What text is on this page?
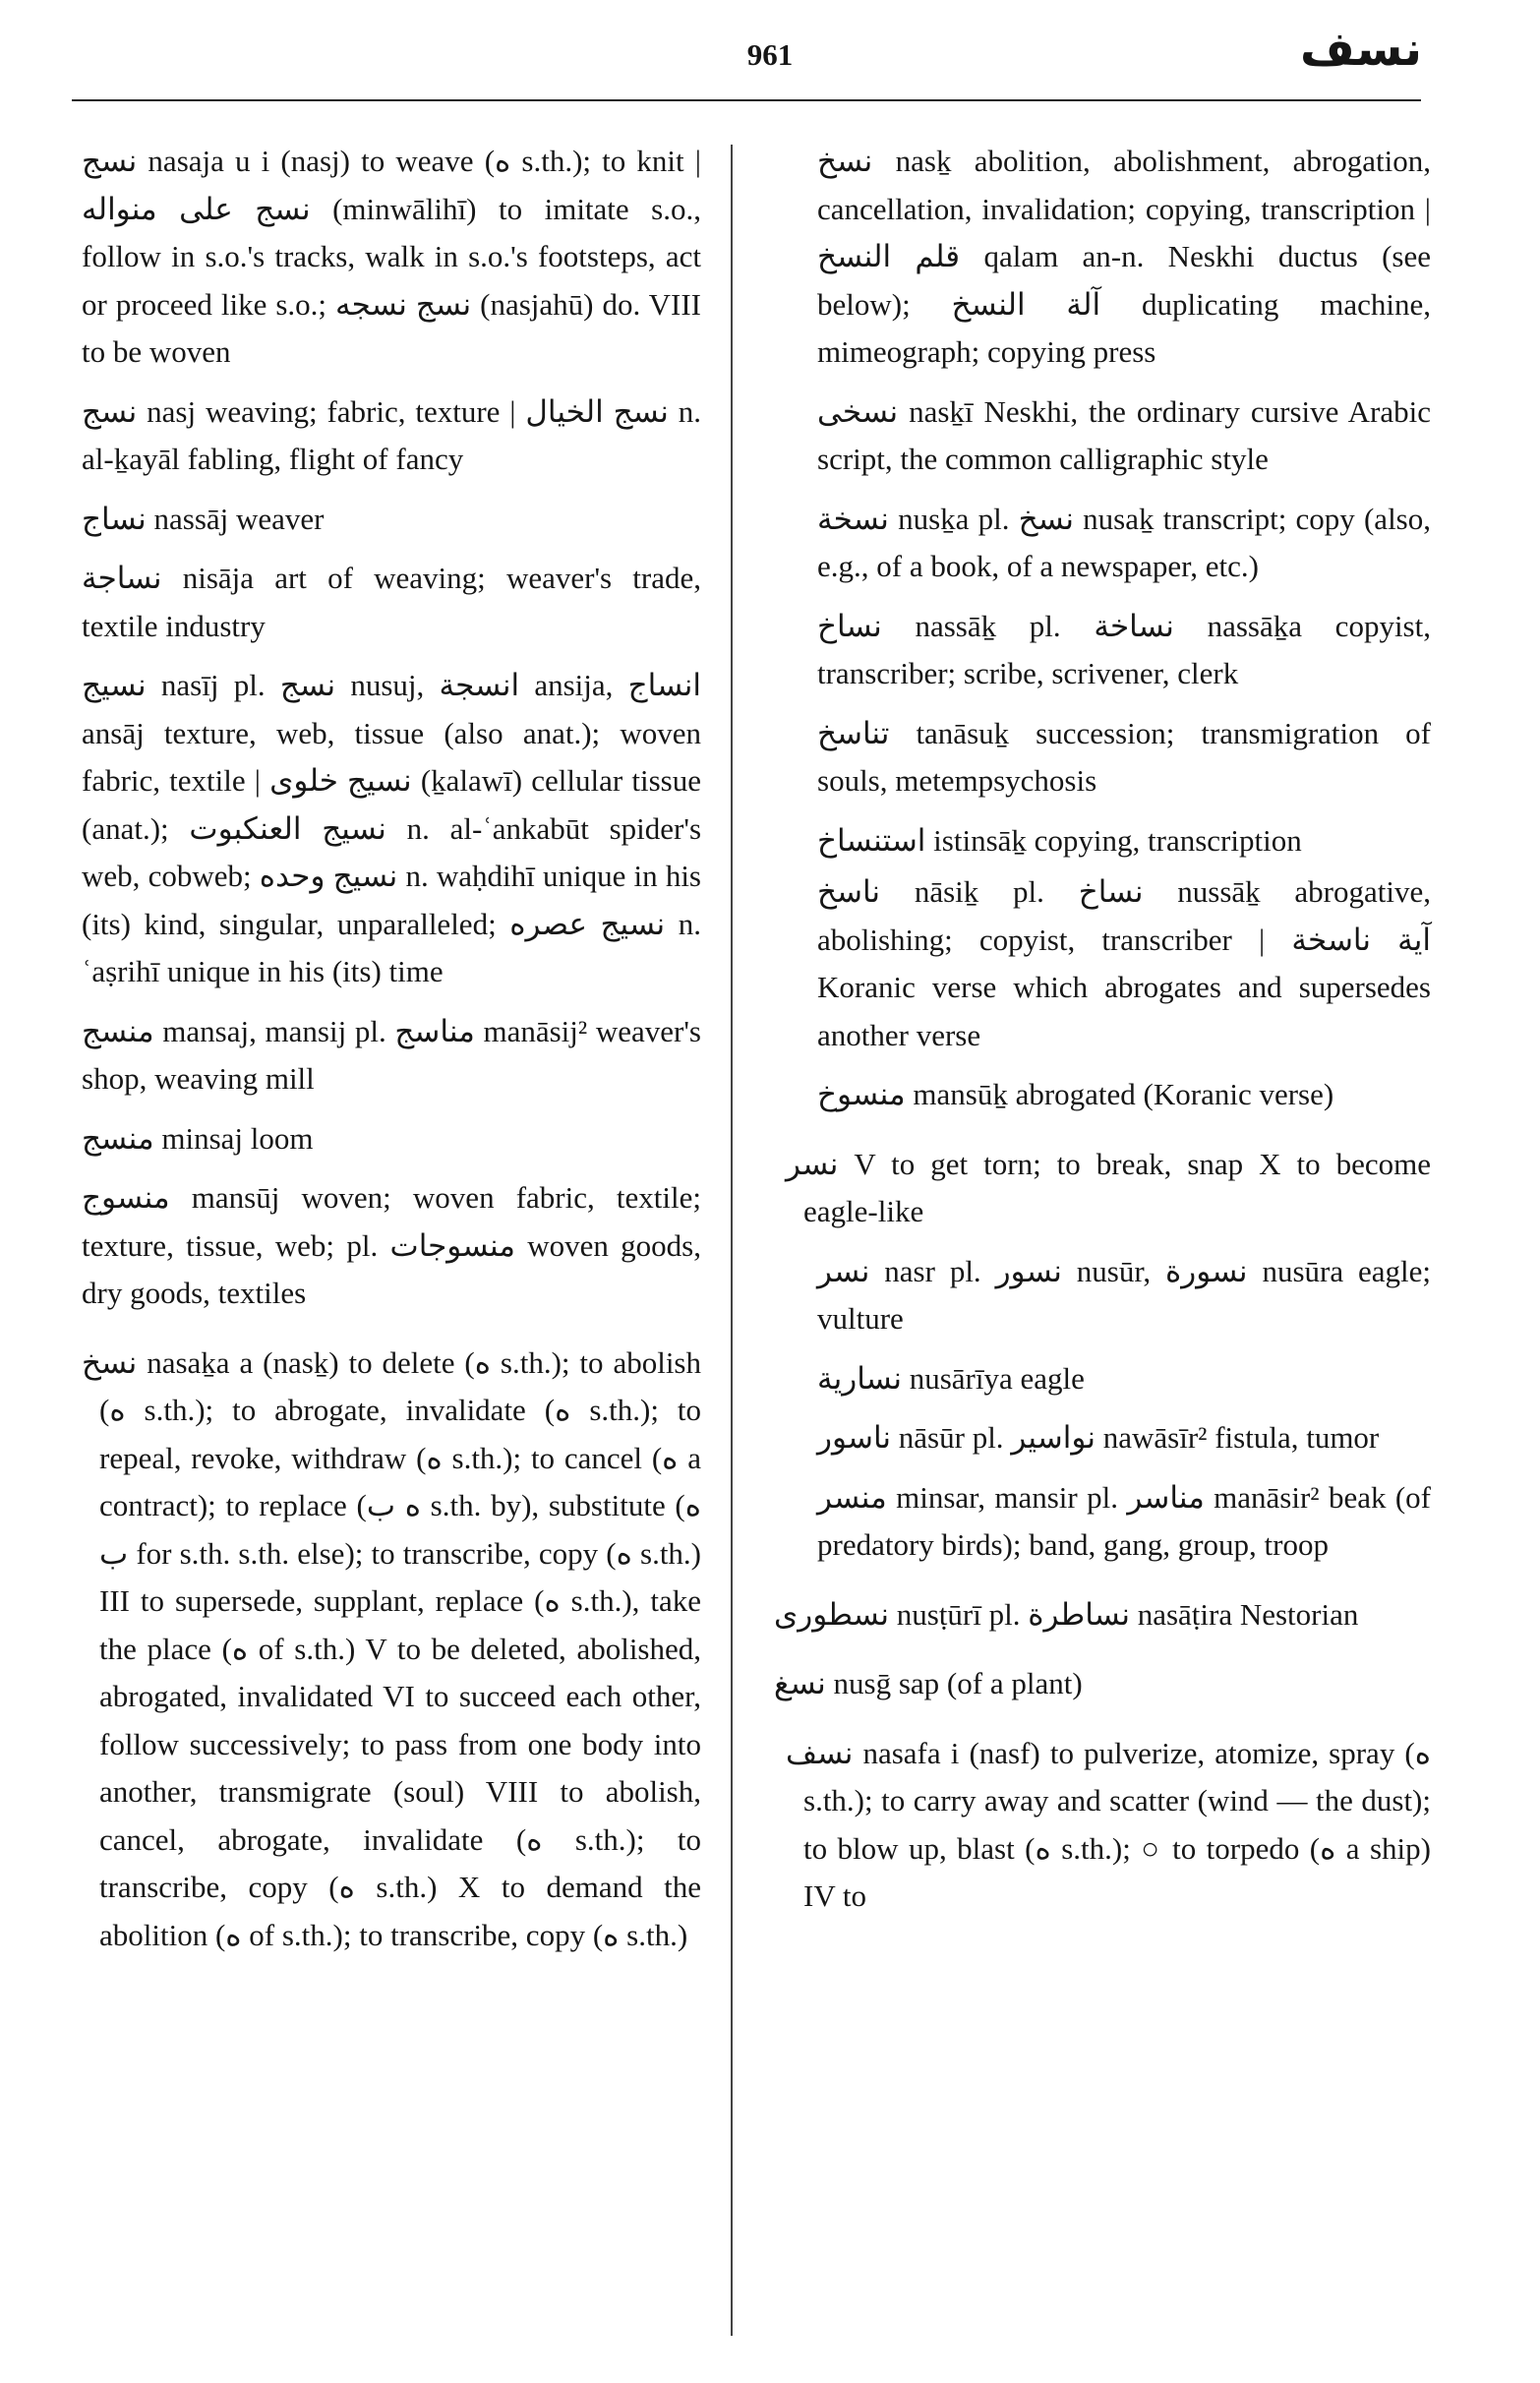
961	نسف

نسج nasaja u i (nasj) to weave (ه s.th.); to knit | نسج على منواله (minwālihī) to imitate s.o., follow in s.o.'s tracks, walk in s.o.'s footsteps, act or proceed like s.o.; نسج نسجه (nasjahū) do. VIII to be woven

نسج nasj weaving; fabric, texture | نسج الخيال n. al-ḵayāl fabling, flight of fancy

نساج nassāj weaver

نساجة nisāja art of weaving; weaver's trade, textile industry

نسيج nasīj pl. نسج nusuj, انسجة ansija, انساج ansāj texture, web, tissue (also anat.); woven fabric, textile | نسيج خلوى (ḵalawī) cellular tissue (anat.); نسيج العنكبوت n. al-ʿankabūt spider's web, cobweb; نسيج وحده n. waḥdihī unique in his (its) kind, singular, unparalleled; نسيج عصره n. ʿaṣrihī unique in his (its) time

منسج mansaj, mansij pl. مناسج manāsij² weaver's shop, weaving mill

منسج minsaj loom

منسوج mansūj woven; woven fabric, textile; texture, tissue, web; pl. منسوجات woven goods, dry goods, textiles

نسخ nasaḵa a (nasḵ) to delete (ه s.th.); to abolish (ه s.th.); to abrogate, invalidate (ه s.th.); to repeal, revoke, withdraw (ه s.th.); to cancel (ه a contract); to replace (ه ب s.th. by), substitute (ه ب for s.th. s.th. else); to transcribe, copy (ه s.th.) III to supersede, supplant, replace (ه s.th.), take the place (ه of s.th.) V to be deleted, abolished, abrogated, invalidated VI to succeed each other, follow successively; to pass from one body into another, transmigrate (soul) VIII to abolish, cancel, abrogate, invalidate (ه s.th.); to transcribe, copy (ه s.th.) X to demand the abolition (ه of s.th.); to transcribe, copy (ه s.th.)

نسخ nasḵ abolition, abolishment, abrogation, cancellation, invalidation; copying, transcription | قلم النسخ qalam an-n. Neskhi ductus (see below); آلة النسخ duplicating machine, mimeograph; copying press

نسخى nasḵī Neskhi, the ordinary cursive Arabic script, the common calligraphic style

نسخة nusḵa pl. نسخ nusaḵ transcript; copy (also, e.g., of a book, of a newspaper, etc.)

نساخ nassāḵ pl. نساخة nassāḵa copyist, transcriber; scribe, scrivener, clerk

تناسخ tanāsuḵ succession; transmigration of souls, metempsychosis

استنساخ istinsāḵ copying, transcription

ناسخ nāsiḵ pl. نساخ nussāḵ abrogative, abolishing; copyist, transcriber | آية ناسخة Koranic verse which abrogates and supersedes another verse

منسوخ mansūḵ abrogated (Koranic verse)

نسر V to get torn; to break, snap X to become eagle-like

نسر nasr pl. نسور nusūr, نسورة nusūra eagle; vulture

نسارية nusārīya eagle

ناسور nāsūr pl. نواسير nawāsīr² fistula, tumor

منسر minsar, mansir pl. مناسر manāsir² beak (of predatory birds); band, gang, group, troop

نسطورى nusṭūrī pl. نساطرة nasāṭira Nestorian

نسغ nusḡ sap (of a plant)

نسف nasafa i (nasf) to pulverize, atomize, spray (ه s.th.); to carry away and scatter (wind — the dust); to blow up, blast (ه s.th.); ○ to torpedo (ه a ship) IV to
